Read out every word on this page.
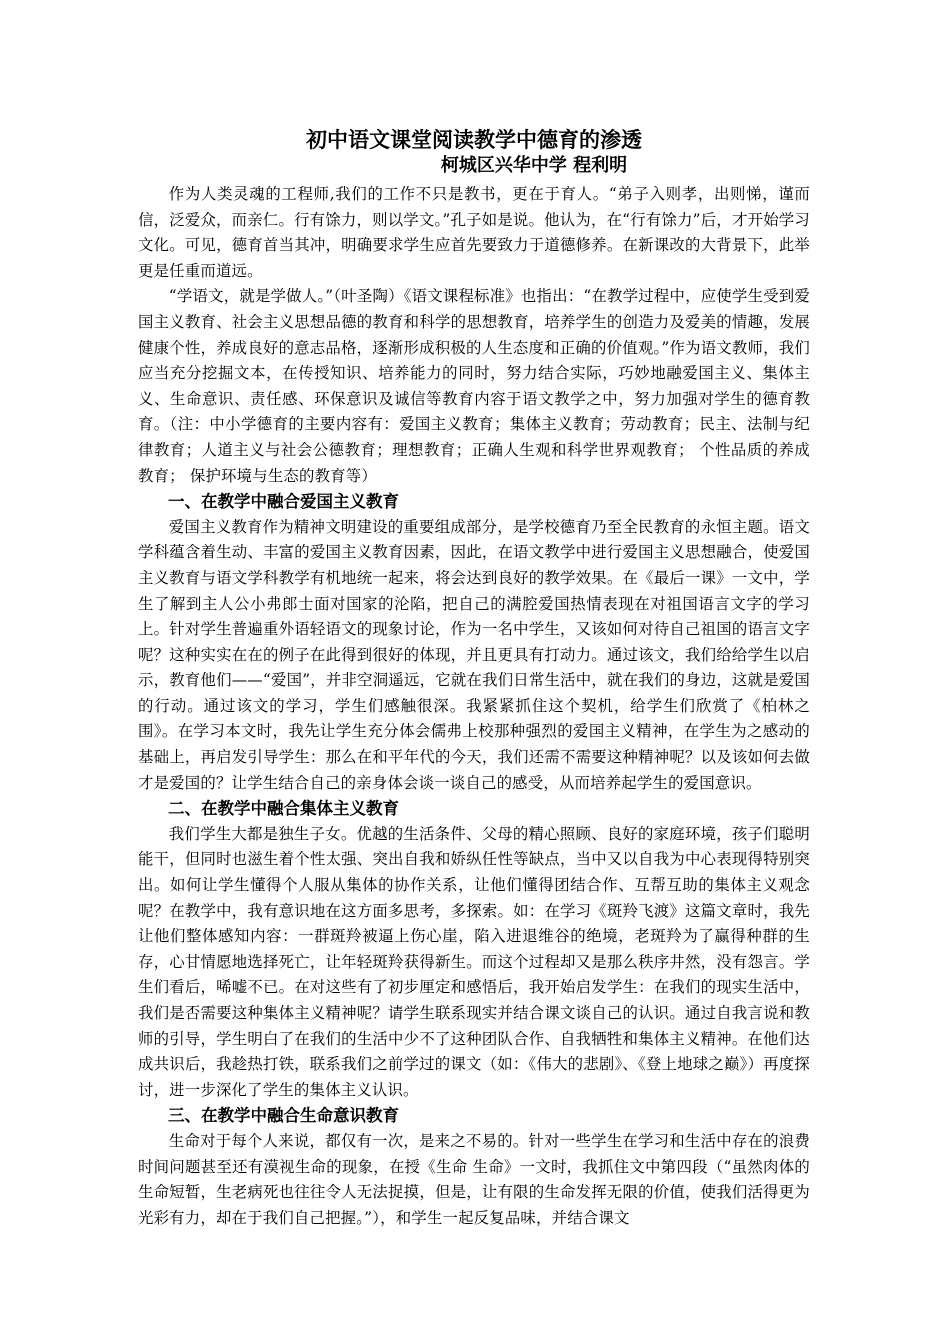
初中语文课堂阅读教学中德育的渗透
柯城区兴华中学 程利明

作为人类灵魂的工程师,我们的工作不只是教书，更在于育人。“弟子入则孝，出则悌，谨而信，泛爱众，而亲仁。行有馀力，则以学文。”孔子如是说。他认为，在“行有馀力”后，才开始学习文化。可见，德育首当其冲，明确要求学生应首先要致力于道德修养。在新课改的大背景下，此举更是任重而道远。

“学语文，就是学做人。”（叶圣陶）《语文课程标准》也指出：“在教学过程中，应使学生受到爱国主义教育、社会主义思想品德的教育和科学的思想教育，培养学生的创造力及爱美的情趣，发展健康个性，养成良好的意志品格，逐渐形成积极的人生态度和正确的价值观。”作为语文教师，我们应当充分挖掘文本，在传授知识、培养能力的同时，努力结合实际，巧妙地融爱国主义、集体主义、生命意识、责任感、环保意识及诚信等教育内容于语文教学之中，努力加强对学生的德育教育。（注：中小学德育的主要内容有：爱国主义教育；集体主义教育；劳动教育；民主、法制与纪律教育；人道主义与社会公德教育；理想教育；正确人生观和科学世界观教育； 个性品质的养成教育； 保护环境与生态的教育等）

一、在教学中融合爱国主义教育

爱国主义教育作为精神文明建设的重要组成部分，是学校德育乃至全民教育的永恒主题。语文学科蕴含着生动、丰富的爱国主义教育因素，因此，在语文教学中进行爱国主义思想融合，使爱国主义教育与语文学科教学有机地统一起来，将会达到良好的教学效果。在《最后一课》一文中，学生了解到主人公小弗郎士面对国家的沦陷，把自己的满腔爱国热情表现在对祖国语言文字的学习上。针对学生普遍重外语轻语文的现象讨论，作为一名中学生，又该如何对待自己祖国的语言文字呢？这种实实在在的例子在此得到很好的体现，并且更具有打动力。通过该文，我们给给学生以启示，教育他们——“爱国”，并非空洞遥远，它就在我们日常生活中，就在我们的身边，这就是爱国的行动。通过该文的学习，学生们感触很深。我紧紧抓住这个契机，给学生们欣赏了《柏林之围》。在学习本文时，我先让学生充分体会儒弗上校那种强烈的爱国主义精神，在学生为之感动的基础上，再启发引导学生：那么在和平年代的今天，我们还需不需要这种精神呢？以及该如何去做才是爱国的？让学生结合自己的亲身体会谈一谈自己的感受，从而培养起学生的爱国意识。

二、在教学中融合集体主义教育

我们学生大都是独生子女。优越的生活条件、父母的精心照顾、良好的家庭环境，孩子们聪明能干，但同时也滋生着个性太强、突出自我和娇纵任性等缺点，当中又以自我为中心表现得特别突出。如何让学生懂得个人服从集体的协作关系，让他们懂得团结合作、互帮互助的集体主义观念呢？在教学中，我有意识地在这方面多思考，多探索。如：在学习《斑羚飞渡》这篇文章时，我先让他们整体感知内容：一群斑羚被逼上伤心崖，陷入进退维谷的绝境，老斑羚为了赢得种群的生存，心甘情愿地选择死亡，让年轻斑羚获得新生。而这个过程却又是那么秩序井然，没有怨言。学生们看后，唏嘘不已。在对这些有了初步厘定和感悟后，我开始启发学生：在我们的现实生活中，我们是否需要这种集体主义精神呢？请学生联系现实并结合课文谈自己的认识。通过自我言说和教师的引导，学生明白了在我们的生活中少不了这种团队合作、自我牺牲和集体主义精神。在他们达成共识后，我趁热打铁，联系我们之前学过的课文（如：《伟大的悲剧》、《登上地球之巅》）再度探讨，进一步深化了学生的集体主义认识。

三、在教学中融合生命意识教育

生命对于每个人来说，都仅有一次，是来之不易的。针对一些学生在学习和生活中存在的浪费时间问题甚至还有漠视生命的现象，在授《生命 生命》一文时，我抓住文中第四段（“虽然肉体的生命短暂，生老病死也往往令人无法捉摸，但是，让有限的生命发挥无限的价值，使我们活得更为光彩有力，却在于我们自己把握。”），和学生一起反复品味，并结合课文
